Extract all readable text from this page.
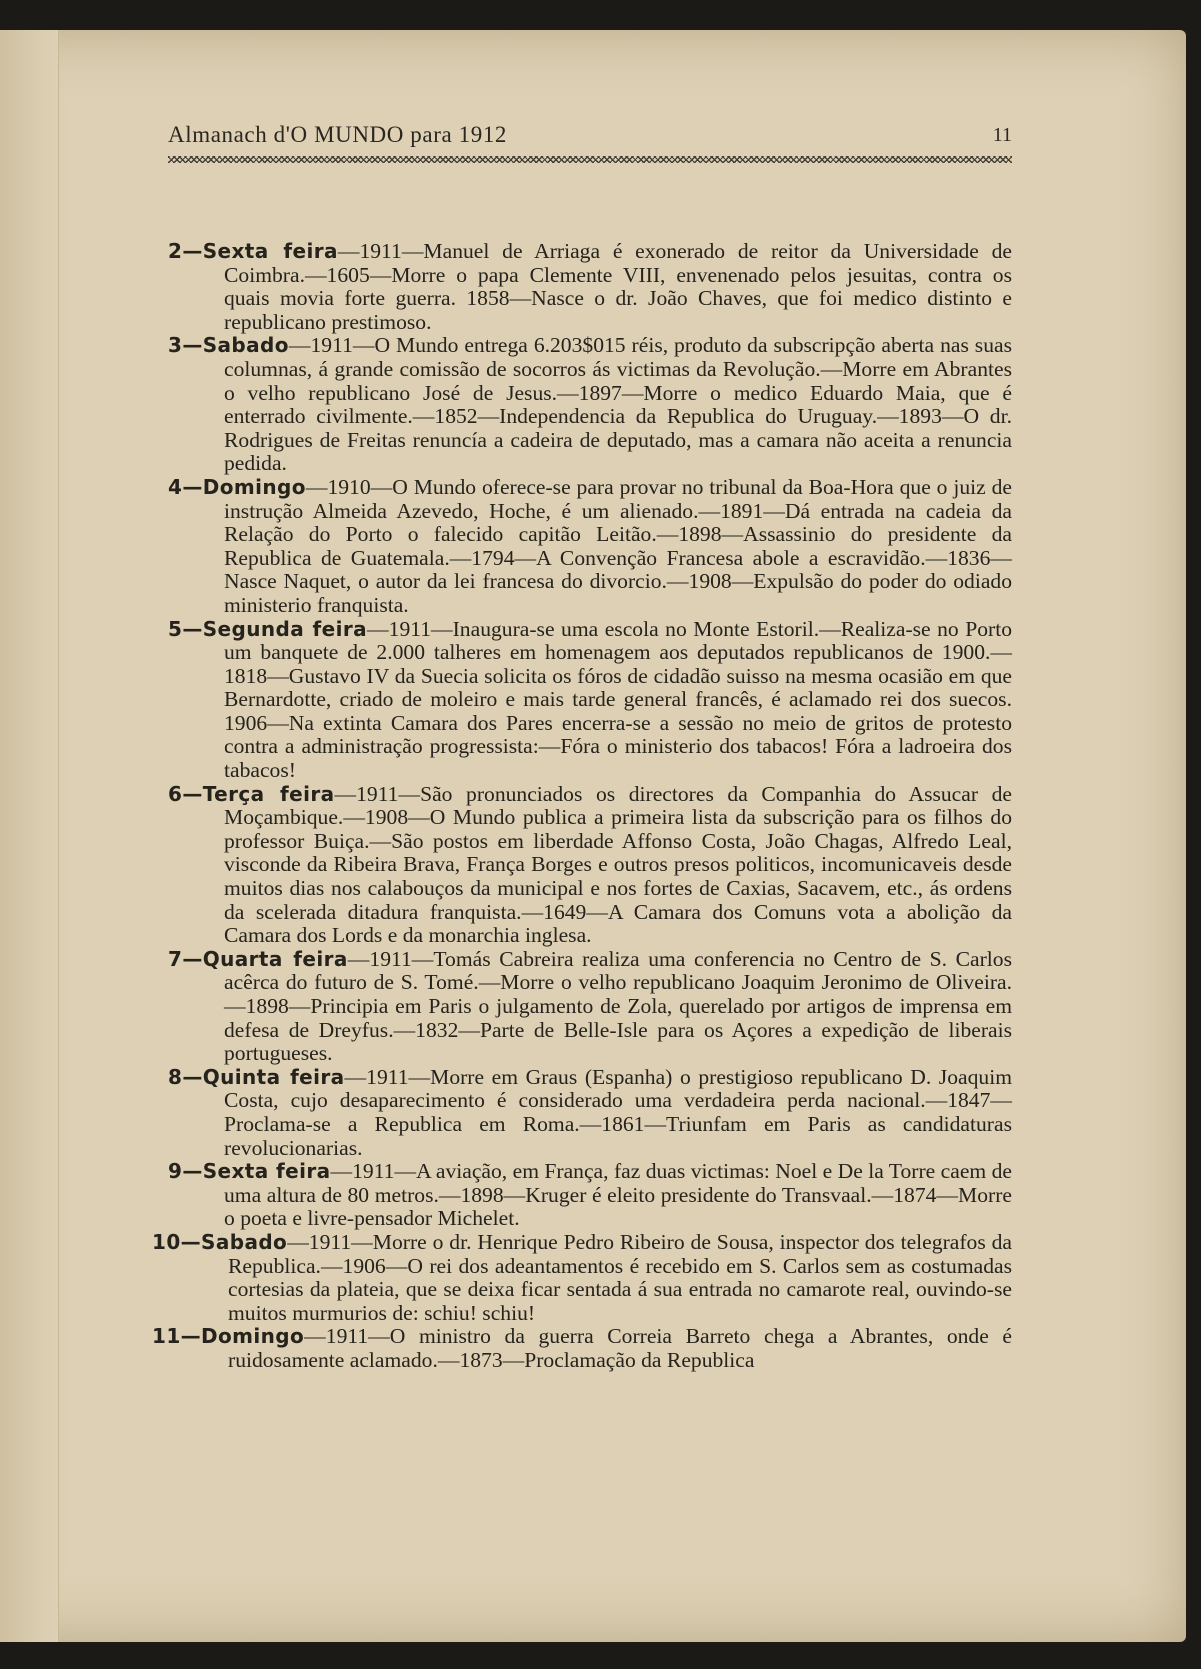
Almanach d'O MUNDO para 1912	11

2—Sexta feira—1911—Manuel de Arriaga é exonerado de reitor da Universidade de Coimbra.—1605—Morre o papa Clemente VIII, envenenado pelos jesuitas, contra os quais movia forte guerra. 1858—Nasce o dr. João Chaves, que foi medico distinto e republicano prestimoso.

3—Sabado—1911—O Mundo entrega 6.203$015 réis, produto da subscripção aberta nas suas columnas, á grande comissão de socorros ás victimas da Revolução.—Morre em Abrantes o velho republicano José de Jesus.—1897—Morre o medico Eduardo Maia, que é enterrado civilmente.—1852—Independencia da Republica do Uruguay.—1893—O dr. Rodrigues de Freitas renuncía a cadeira de deputado, mas a camara não aceita a renuncia pedida.

4—Domingo—1910—O Mundo oferece-se para provar no tribunal da Boa-Hora que o juiz de instrução Almeida Azevedo, Hoche, é um alienado.—1891—Dá entrada na cadeia da Relação do Porto o falecido capitão Leitão.—1898—Assassinio do presidente da Republica de Guatemala.—1794—A Convenção Francesa abole a escravidão.—1836—Nasce Naquet, o autor da lei francesa do divorcio.—1908—Expulsão do poder do odiado ministerio franquista.

5—Segunda feira—1911—Inaugura-se uma escola no Monte Estoril.—Realiza-se no Porto um banquete de 2.000 talheres em homenagem aos deputados republicanos de 1900.—1818—Gustavo IV da Suecia solicita os fóros de cidadão suisso na mesma ocasião em que Bernardotte, criado de moleiro e mais tarde general francês, é aclamado rei dos suecos. 1906—Na extinta Camara dos Pares encerra-se a sessão no meio de gritos de protesto contra a administração progressista:—Fóra o ministerio dos tabacos! Fóra a ladroeira dos tabacos!

6—Terça feira—1911—São pronunciados os directores da Companhia do Assucar de Moçambique.—1908—O Mundo publica a primeira lista da subscrição para os filhos do professor Buiça.—São postos em liberdade Affonso Costa, João Chagas, Alfredo Leal, visconde da Ribeira Brava, França Borges e outros presos politicos, incomunicaveis desde muitos dias nos calabouços da municipal e nos fortes de Caxias, Sacavem, etc., ás ordens da scelerada ditadura franquista.—1649—A Camara dos Comuns vota a abolição da Camara dos Lords e da monarchia inglesa.

7—Quarta feira—1911—Tomás Cabreira realiza uma conferencia no Centro de S. Carlos acêrca do futuro de S. Tomé.—Morre o velho republicano Joaquim Jeronimo de Oliveira.—1898—Principia em Paris o julgamento de Zola, querelado por artigos de imprensa em defesa de Dreyfus.—1832—Parte de Belle-Isle para os Açores a expedição de liberais portugueses.

8—Quinta feira—1911—Morre em Graus (Espanha) o prestigioso republicano D. Joaquim Costa, cujo desaparecimento é considerado uma verdadeira perda nacional.—1847—Proclama-se a Republica em Roma.—1861—Triunfam em Paris as candidaturas revolucionarias.

9—Sexta feira—1911—A aviação, em França, faz duas victimas: Noel e De la Torre caem de uma altura de 80 metros.—1898—Kruger é eleito presidente do Transvaal.—1874—Morre o poeta e livre-pensador Michelet.

10—Sabado—1911—Morre o dr. Henrique Pedro Ribeiro de Sousa, inspector dos telegrafos da Republica.—1906—O rei dos adeantamentos é recebido em S. Carlos sem as costumadas cortesias da plateia, que se deixa ficar sentada á sua entrada no camarote real, ouvindo-se muitos murmurios de: schiu! schiu!

11—Domingo—1911—O ministro da guerra Correia Barreto chega a Abrantes, onde é ruidosamente aclamado.—1873—Proclamação da Republica
